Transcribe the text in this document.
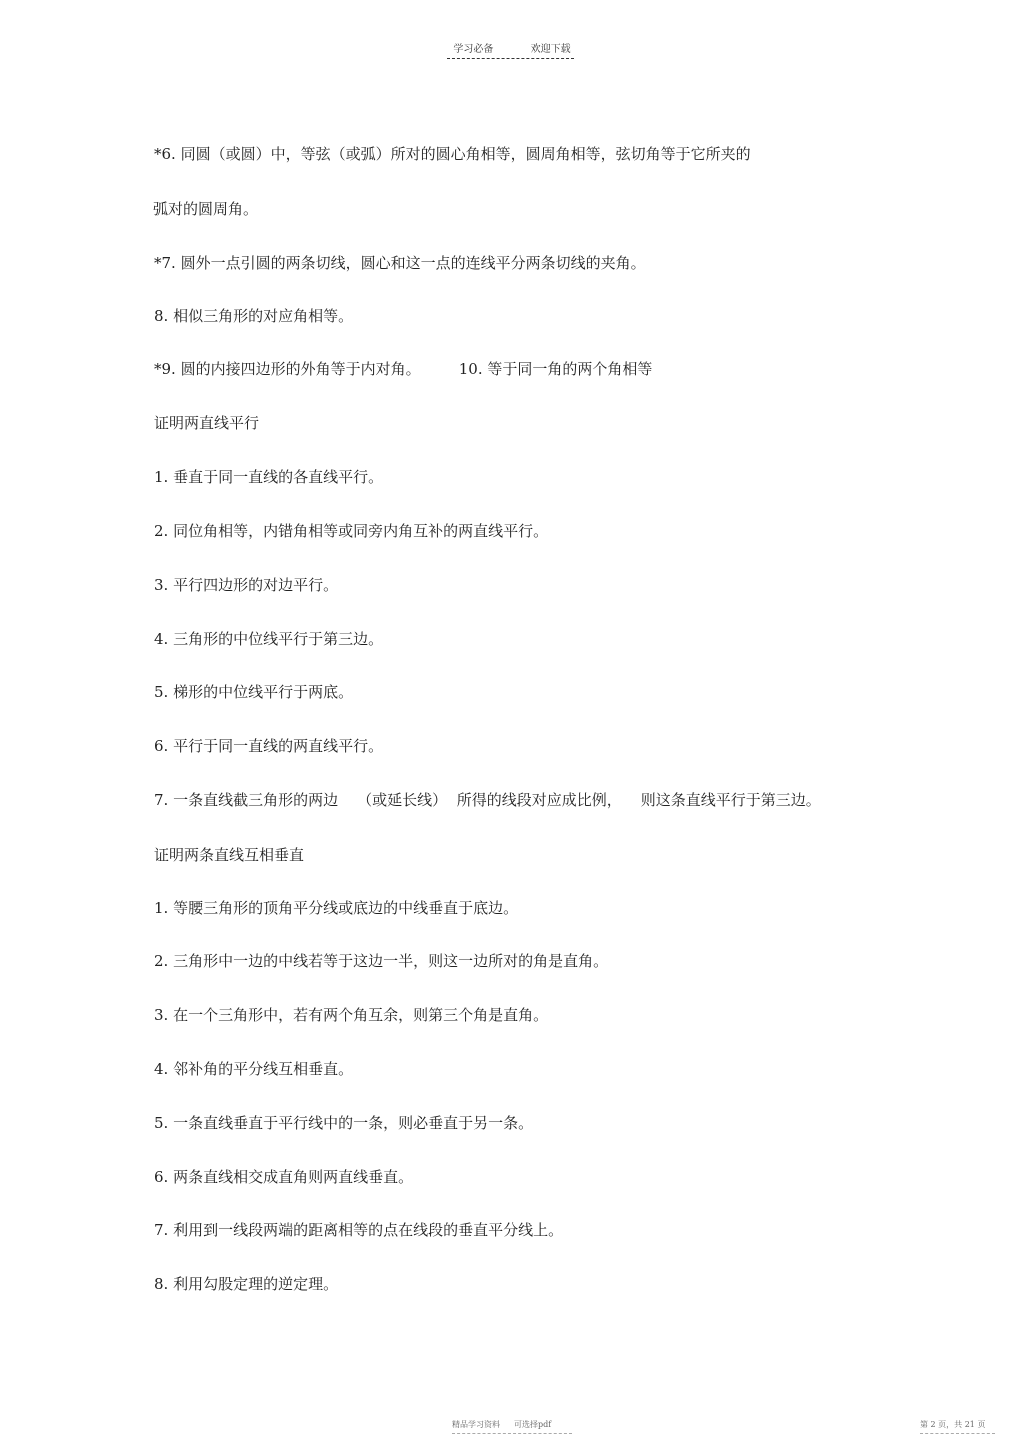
学习必备	欢迎下载
*6. 同圆（或圆）中，等弦（或弧）所对的圆心角相等，圆周角相等，弦切角等于它所夹的
弧对的圆周角。
*7. 圆外一点引圆的两条切线，圆心和这一点的连线平分两条切线的夹角。
8. 相似三角形的对应角相等。
*9. 圆的内接四边形的外角等于内对角。        10. 等于同一角的两个角相等
证明两直线平行
1. 垂直于同一直线的各直线平行。
2. 同位角相等，内错角相等或同旁内角互补的两直线平行。
3. 平行四边形的对边平行。
4. 三角形的中位线平行于第三边。
5. 梯形的中位线平行于两底。
6. 平行于同一直线的两直线平行。
7. 一条直线截三角形的两边    （或延长线）  所得的线段对应成比例，    则这条直线平行于第三边。
证明两条直线互相垂直
1. 等腰三角形的顶角平分线或底边的中线垂直于底边。
2. 三角形中一边的中线若等于这边一半，则这一边所对的角是直角。
3. 在一个三角形中，若有两个角互余，则第三个角是直角。
4. 邻补角的平分线互相垂直。
5. 一条直线垂直于平行线中的一条，则必垂直于另一条。
6. 两条直线相交成直角则两直线垂直。
7. 利用到一线段两端的距离相等的点在线段的垂直平分线上。
8. 利用勾股定理的逆定理。
精品学习资料 可选择pdf	第 2 页，共 21 页
